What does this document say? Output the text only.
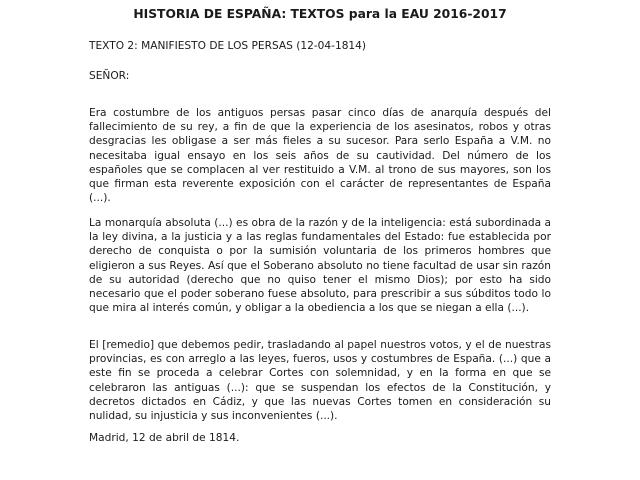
HISTORIA DE ESPAÑA: TEXTOS para la EAU 2016-2017
TEXTO 2: MANIFIESTO DE LOS PERSAS (12-04-1814)
SEÑOR:

Era costumbre de los antiguos persas pasar cinco días de anarquía después del fallecimiento de su rey, a fin de que la experiencia de los asesinatos, robos y otras desgracias les obligase a ser más fieles a su sucesor. Para serlo España a V.M. no necesitaba igual ensayo en los seis años de su cautividad. Del número de los españoles que se complacen al ver restituido a V.M. al trono de sus mayores, son los que firman esta reverente exposición con el carácter de representantes de España (...).

La monarquía absoluta (...) es obra de la razón y de la inteligencia: está subordinada a la ley divina, a la justicia y a las reglas fundamentales del Estado: fue establecida por derecho de conquista o por la sumisión voluntaria de los primeros hombres que eligieron a sus Reyes. Así que el Soberano absoluto no tiene facultad de usar sin razón de su autoridad (derecho que no quiso tener el mismo Dios); por esto ha sido necesario que el poder soberano fuese absoluto, para prescribir a sus súbditos todo lo que mira al interés común, y obligar a la obediencia a los que se niegan a ella (...).

El [remedio] que debemos pedir, trasladando al papel nuestros votos, y el de nuestras provincias, es con arreglo a las leyes, fueros, usos y costumbres de España. (...) que a este fin se proceda a celebrar Cortes con solemnidad, y en la forma en que se celebraron las antiguas (...): que se suspendan los efectos de la Constitución, y decretos dictados en Cádiz, y que las nuevas Cortes tomen en consideración su nulidad, su injusticia y sus inconvenientes (...).

Madrid, 12 de abril de 1814.
